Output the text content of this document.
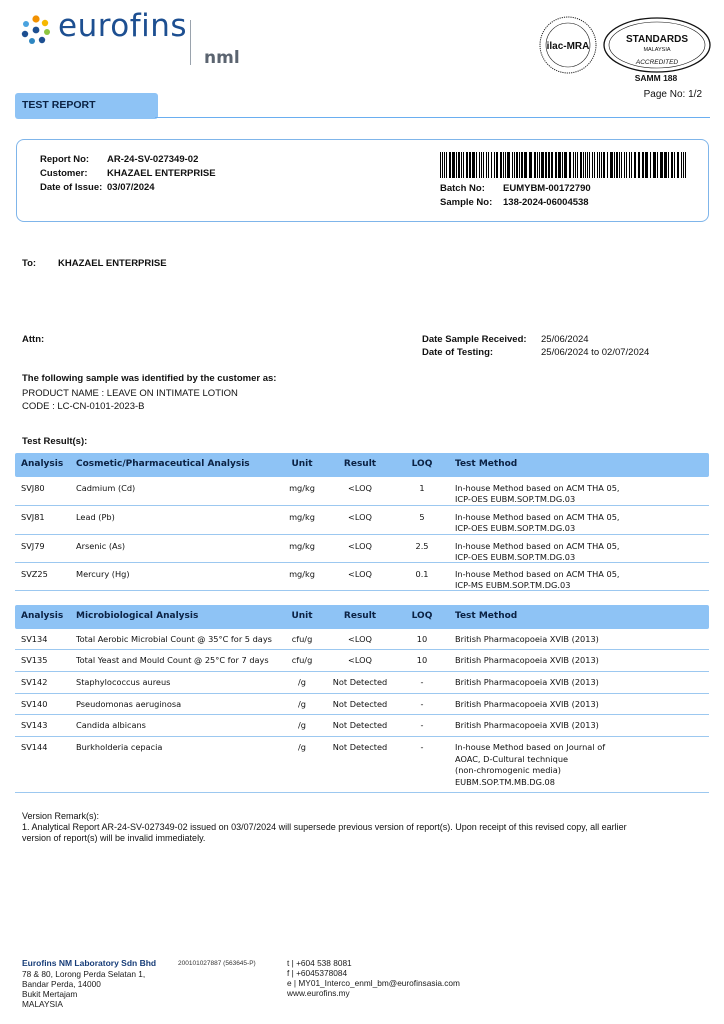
eurofins
nml
ilac-MRA
STANDARDS
MALAYSIA
ACCREDITED
SAMM 188
Page No: 1/2
TEST REPORT
Report No: AR-24-SV-027349-02
Customer: KHAZAEL ENTERPRISE
Date of Issue: 03/07/2024	Batch No: EUMYBM-00172790
Sample No: 138-2024-06004538
To: KHAZAEL ENTERPRISE
Attn:	Date Sample Received: 25/06/2024
Date of Testing:	25/06/2024 to 02/07/2024
The following sample was identified by the customer as:
PRODUCT NAME : LEAVE ON INTIMATE LOTION
CODE : LC-CN-0101-2023-B
Test Result(s):
Analysis Cosmetic/Pharmaceutical Analysis	Unit	Result	LOQ	Test Method
SVJ80	Cadmium (Cd)	mg/kg	<LOQ	1	In-house Method based on ACM THA 05,
ICP-OES EUBM.SOP.TM.DG.03
SVJ81	Lead (Pb)	mg/kg	<LOQ	5	In-house Method based on ACM THA 05,
ICP-OES EUBM.SOP.TM.DG.03
SVJ79	Arsenic (As)	mg/kg	<LOQ	2.5	In-house Method based on ACM THA 05,
ICP-OES EUBM.SOP.TM.DG.03
SVZ25	Mercury (Hg)	mg/kg	<LOQ	0.1	In-house Method based on ACM THA 05,
ICP-MS EUBM.SOP.TM.DG.03
Analysis Microbiological Analysis	Unit	Result	LOQ	Test Method
SV134	Total Aerobic Microbial Count @ 35°C for 5 days	cfu/g	<LOQ	10	British Pharmacopoeia XVIB (2013)
SV135	Total Yeast and Mould Count @ 25°C for 7 days	cfu/g	<LOQ	10	British Pharmacopoeia XVIB (2013)
SV142	Staphylococcus aureus	/g	Not Detected	-	British Pharmacopoeia XVIB (2013)
SV140	Pseudomonas aeruginosa	/g	Not Detected	-	British Pharmacopoeia XVIB (2013)
SV143	Candida albicans	/g	Not Detected	-	British Pharmacopoeia XVIB (2013)
SV144	Burkholderia cepacia	/g	Not Detected	-	In-house Method based on Journal of
AOAC, D-Cultural technique
(non-chromogenic media)
EUBM.SOP.TM.MB.DG.08
Version Remark(s):
1. Analytical Report AR-24-SV-027349-02 issued on 03/07/2024 will supersede previous version of report(s). Upon receipt of this revised copy, all earlier
version of report(s) will be invalid immediately.
Eurofins NM Laboratory Sdn Bhd	200101027887 (563645-P)
78 & 80, Lorong Perda Selatan 1,
Bandar Perda, 14000
Bukit Mertajam
MALAYSIA
t | +604 538 8081
f | +6045378084
e | MY01_Interco_enml_bm@eurofinsasia.com
www.eurofins.my
